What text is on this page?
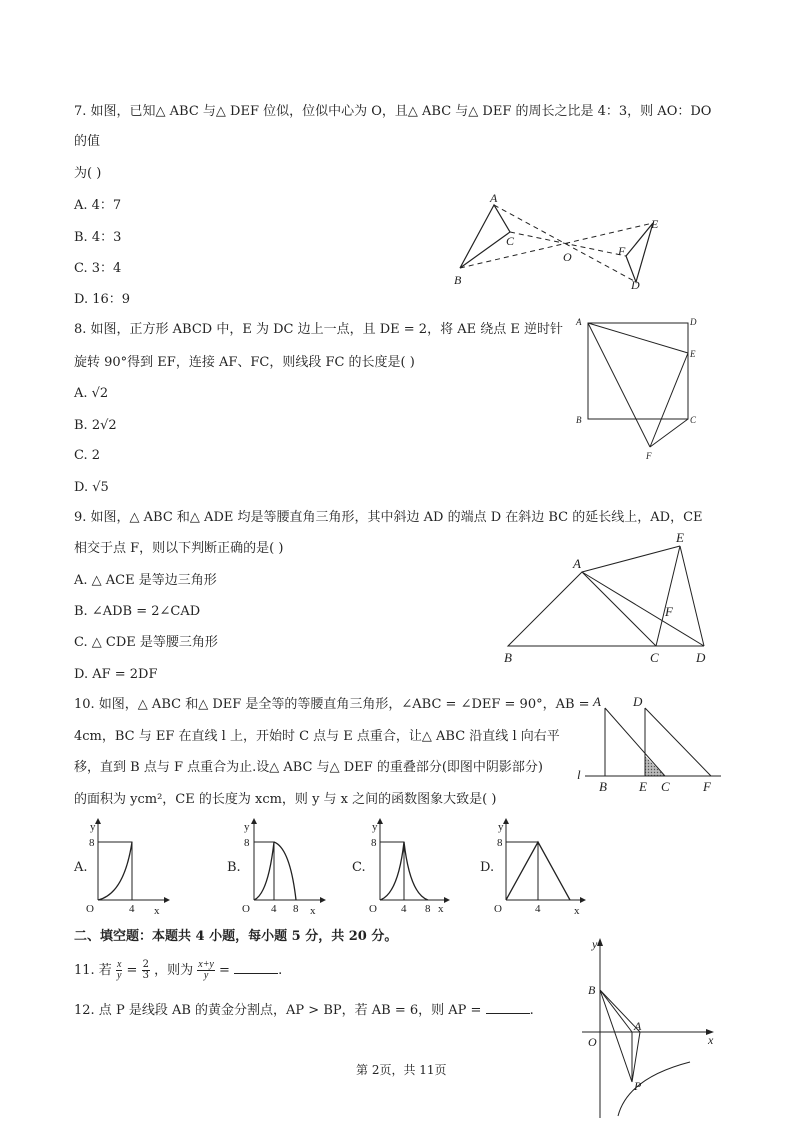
7. 如图，已知△ ABC 与△ DEF 位似，位似中心为 O，且△ ABC 与△ DEF 的周长之比是 4：3，则 AO：DO
的值
为( )
A. 4：7
B. 4：3
C. 3：4
D. 16：9
A
B
C
O
D
E
F
8. 如图，正方形 ABCD 中，E 为 DC 边上一点，且 DE = 2，将 AE 绕点 E 逆时针
旋转 90°得到 EF，连接 AF、FC，则线段 FC 的长度是( )
A. √2
B. 2√2
C. 2
D. √5
A	D
E
B	C
F
9. 如图，△ ABC 和△ ADE 均是等腰直角三角形，其中斜边 AD 的端点 D 在斜边 BC 的延长线上，AD，CE
相交于点 F，则以下判断正确的是( )
A. △ ACE 是等边三角形
B. ∠ADB = 2∠CAD
C. △ CDE 是等腰三角形
D. AF = 2DF
A
B	C	D
E
F
10. 如图，△ ABC 和△ DEF 是全等的等腰直角三角形，∠ABC = ∠DEF = 90°，AB =
4cm，BC 与 EF 在直线 l 上，开始时 C 点与 E 点重合，让△ ABC 沿直线 l 向右平
移，直到 B 点与 F 点重合为止.设△ ABC 与△ DEF 的重叠部分(即图中阴影部分)
的面积为 ycm²，CE 的长度为 xcm，则 y 与 x 之间的函数图象大致是( )
A D
l
B E C	F
A.
y
8
O	4 x
B.
y
8
O 4 8 x
C.
y
8
O 4 8 x
D.
y
8
O	4	x
二、填空题：本题共 4 小题，每小题 5 分，共 20 分。
11. 若 $\frac{x}{y} = \frac{2}{3}$ ，则为 $\frac{x+y}{y}$ =	.
12. 点 P 是线段 AB 的黄金分割点，AP > BP，若 AB = 6，则 AP =	.
y
B
A
O	x
P
第 2页，共 11页
